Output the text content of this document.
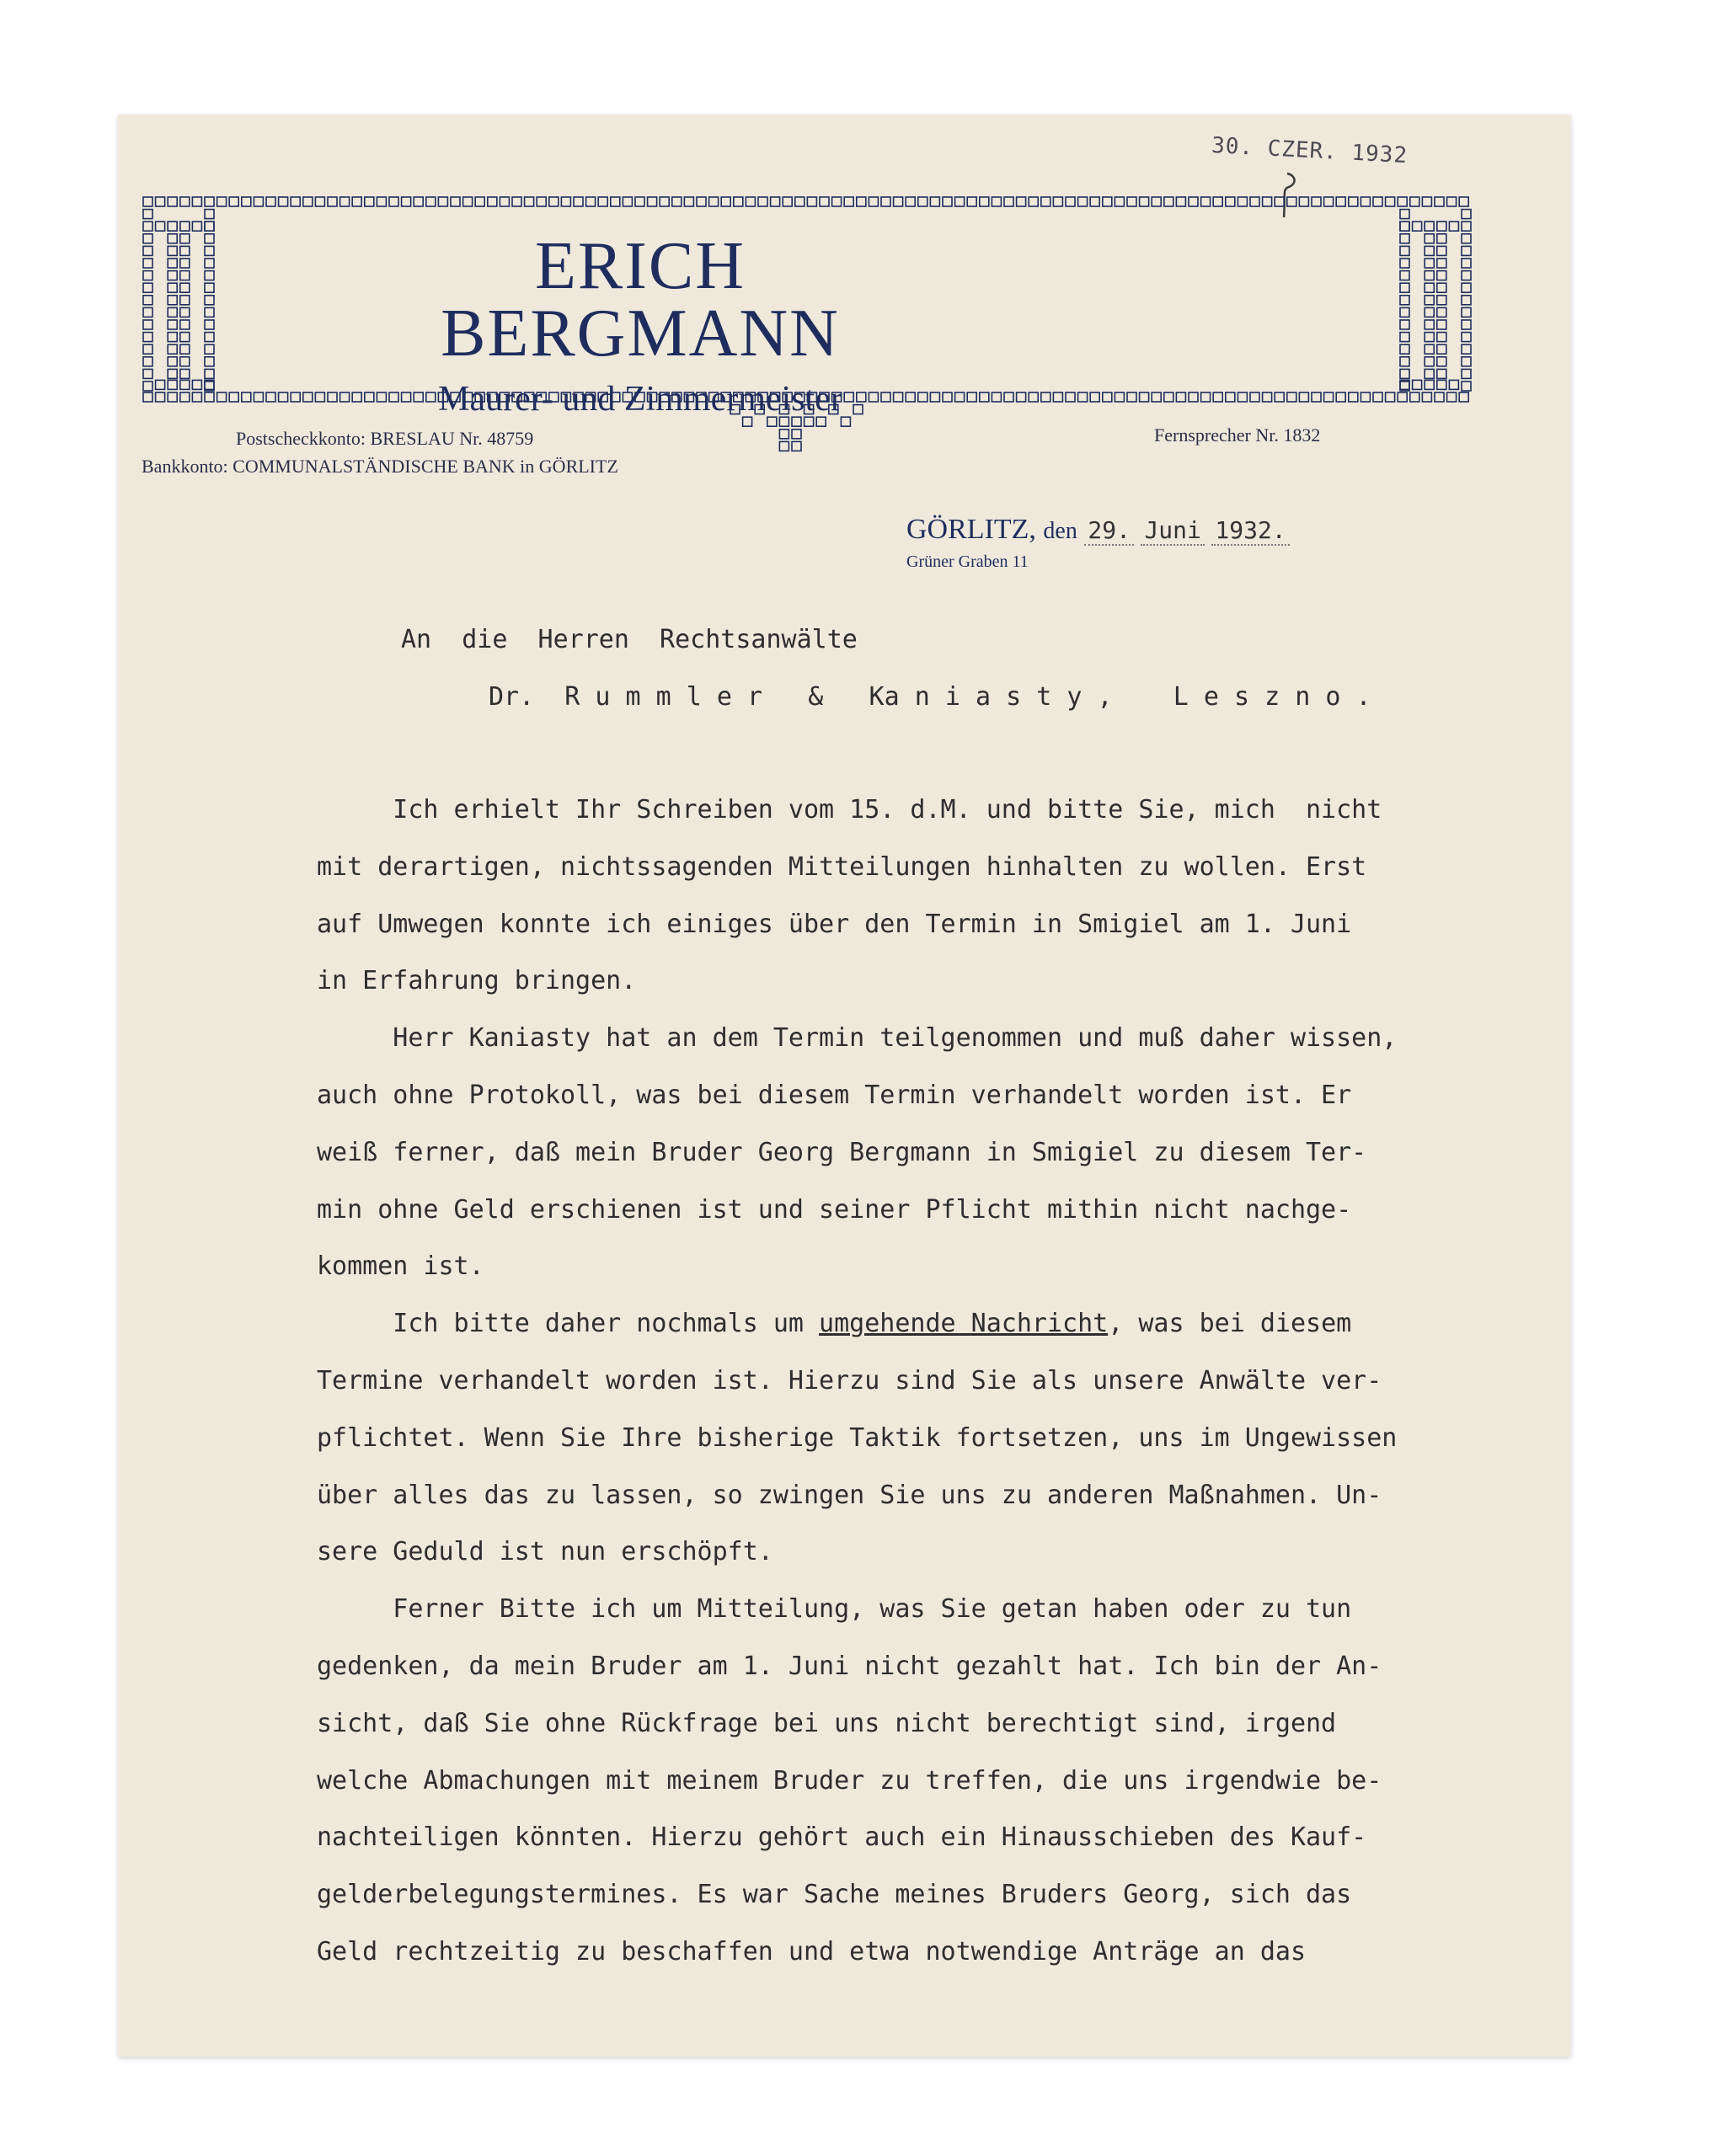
30. CZER. 1932
ERICH BERGMANN
Maurer- und Zimmermeister
Postscheckkonto: BRESLAU Nr. 48759
Bankkonto: COMMUNALSTÄNDISCHE BANK in GÖRLITZ
Fernsprecher Nr. 1832
GÖRLITZ, den 29. Juni 1932.
Grüner Graben 11
An  die  Herren  Rechtsanwälte
Dr.  R u m m l e r   &   Ka n i a s t y ,    L e s z n o .
Ich erhielt Ihr Schreiben vom 15. d.M. und bitte Sie, mich  nicht
mit derartigen, nichtssagenden Mitteilungen hinhalten zu wollen. Erst
auf Umwegen konnte ich einiges über den Termin in Smigiel am 1. Juni
in Erfahrung bringen.
Herr Kaniasty hat an dem Termin teilgenommen und muß daher wissen,
auch ohne Protokoll, was bei diesem Termin verhandelt worden ist. Er
weiß ferner, daß mein Bruder Georg Bergmann in Smigiel zu diesem Ter-
min ohne Geld erschienen ist und seiner Pflicht mithin nicht nachge-
kommen ist.
Ich bitte daher nochmals um umgehende Nachricht, was bei diesem
Termine verhandelt worden ist. Hierzu sind Sie als unsere Anwälte ver-
pflichtet. Wenn Sie Ihre bisherige Taktik fortsetzen, uns im Ungewissen
über alles das zu lassen, so zwingen Sie uns zu anderen Maßnahmen. Un-
sere Geduld ist nun erschöpft.
Ferner Bitte ich um Mitteilung, was Sie getan haben oder zu tun
gedenken, da mein Bruder am 1. Juni nicht gezahlt hat. Ich bin der An-
sicht, daß Sie ohne Rückfrage bei uns nicht berechtigt sind, irgend
welche Abmachungen mit meinem Bruder zu treffen, die uns irgendwie be-
nachteiligen könnten. Hierzu gehört auch ein Hinausschieben des Kauf-
gelderbelegungstermines. Es war Sache meines Bruders Georg, sich das
Geld rechtzeitig zu beschaffen und etwa notwendige Anträge an das
